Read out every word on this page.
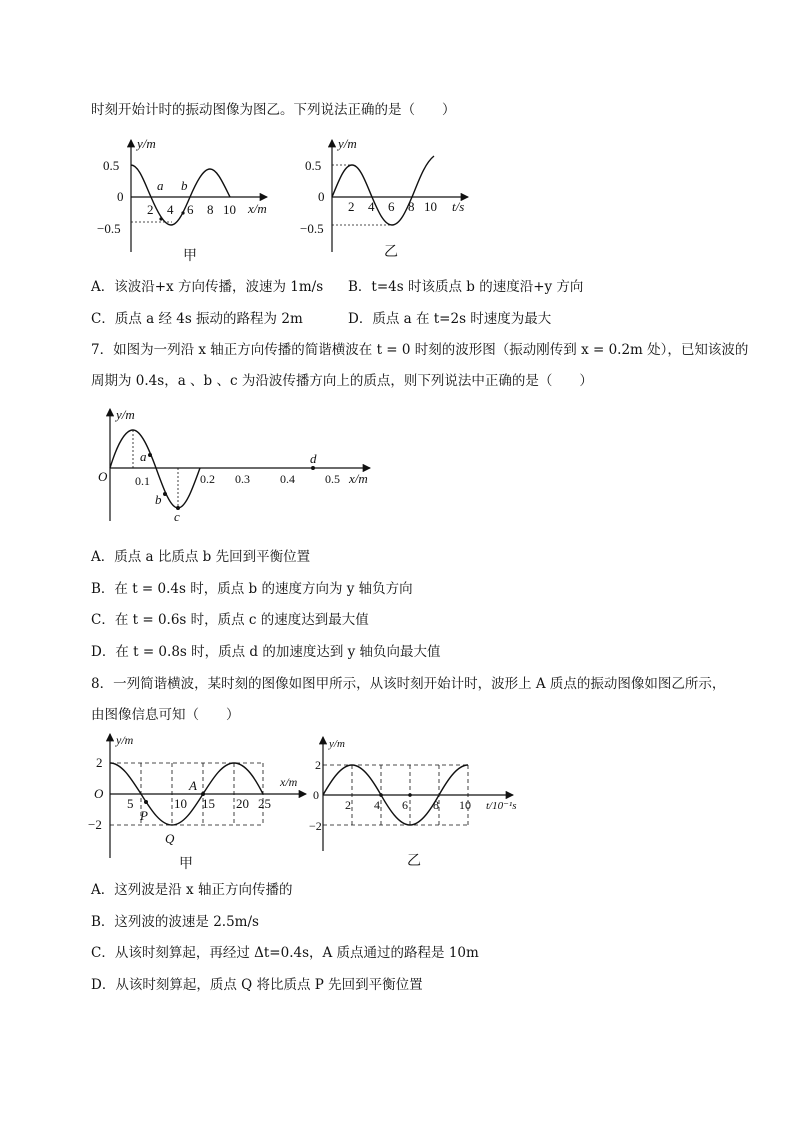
时刻开始计时的振动图像为图乙。下列说法正确的是（　　）
y/m
0.5
0
−0.5
2 4 6 8 10
a b
x/m
甲
y/m
0.5
0
−0.5
2 4 6 8 10 t/s
乙
A．该波沿+x 方向传播，波速为 1m/s B．t=4s 时该质点 b 的速度沿+y 方向
C．质点 a 经 4s 振动的路程为 2m	D．质点 a 在 t=2s 时速度为最大
7．如图为一列沿 x 轴正方向传播的简谐横波在 t = 0 时刻的波形图（振动刚传到 x = 0.2m 处），已知该波的
周期为 0.4s，a 、b 、c 为沿波传播方向上的质点，则下列说法中正确的是（　　）
y/m
O 0.1	0.2 0.3	0.4	0.5 x/m
a
b
c
d
A．质点 a 比质点 b 先回到平衡位置
B．在 t = 0.4s 时，质点 b 的速度方向为 y 轴负方向
C．在 t = 0.6s 时，质点 c 的速度达到最大值
D．在 t = 0.8s 时，质点 d 的加速度达到 y 轴负向最大值
8．一列简谐横波，某时刻的图像如图甲所示，从该时刻开始计时，波形上 A 质点的振动图像如图乙所示，
由图像信息可知（　　）
y/m
O
2
−2
5	10 15 20 25
x/m
A
P
Q
甲
y/m
0
2
−2
2 4 6 8 10 t/10⁻¹s
乙
A．这列波是沿 x 轴正方向传播的
B．这列波的波速是 2.5m/s
C．从该时刻算起，再经过 Δt=0.4s，A 质点通过的路程是 10m
D．从该时刻算起，质点 Q 将比质点 P 先回到平衡位置
